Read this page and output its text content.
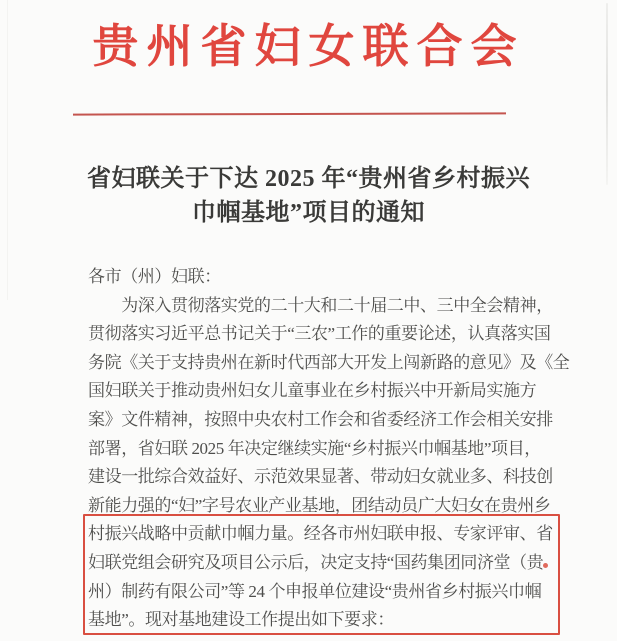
贵州省妇女联合会
省妇联关于下达 2025 年“贵州省乡村振兴
巾帼基地”项目的通知
各市（州）妇联：
　　为深入贯彻落实党的二十大和二十届二中、三中全会精神，
贯彻落实习近平总书记关于“三农”工作的重要论述，认真落实国
务院《关于支持贵州在新时代西部大开发上闯新路的意见》及《全
国妇联关于推动贵州妇女儿童事业在乡村振兴中开新局实施方
案》文件精神，按照中央农村工作会和省委经济工作会相关安排
部署，省妇联 2025 年决定继续实施“乡村振兴巾帼基地”项目，
建设一批综合效益好、示范效果显著、带动妇女就业多、科技创
新能力强的“妇”字号农业产业基地，团结动员广大妇女在贵州乡
村振兴战略中贡献巾帼力量。经各市州妇联申报、专家评审、省
妇联党组会研究及项目公示后，决定支持“国药集团同济堂（贵
州）制药有限公司”等 24 个申报单位建设“贵州省乡村振兴巾帼
基地”。现对基地建设工作提出如下要求：
